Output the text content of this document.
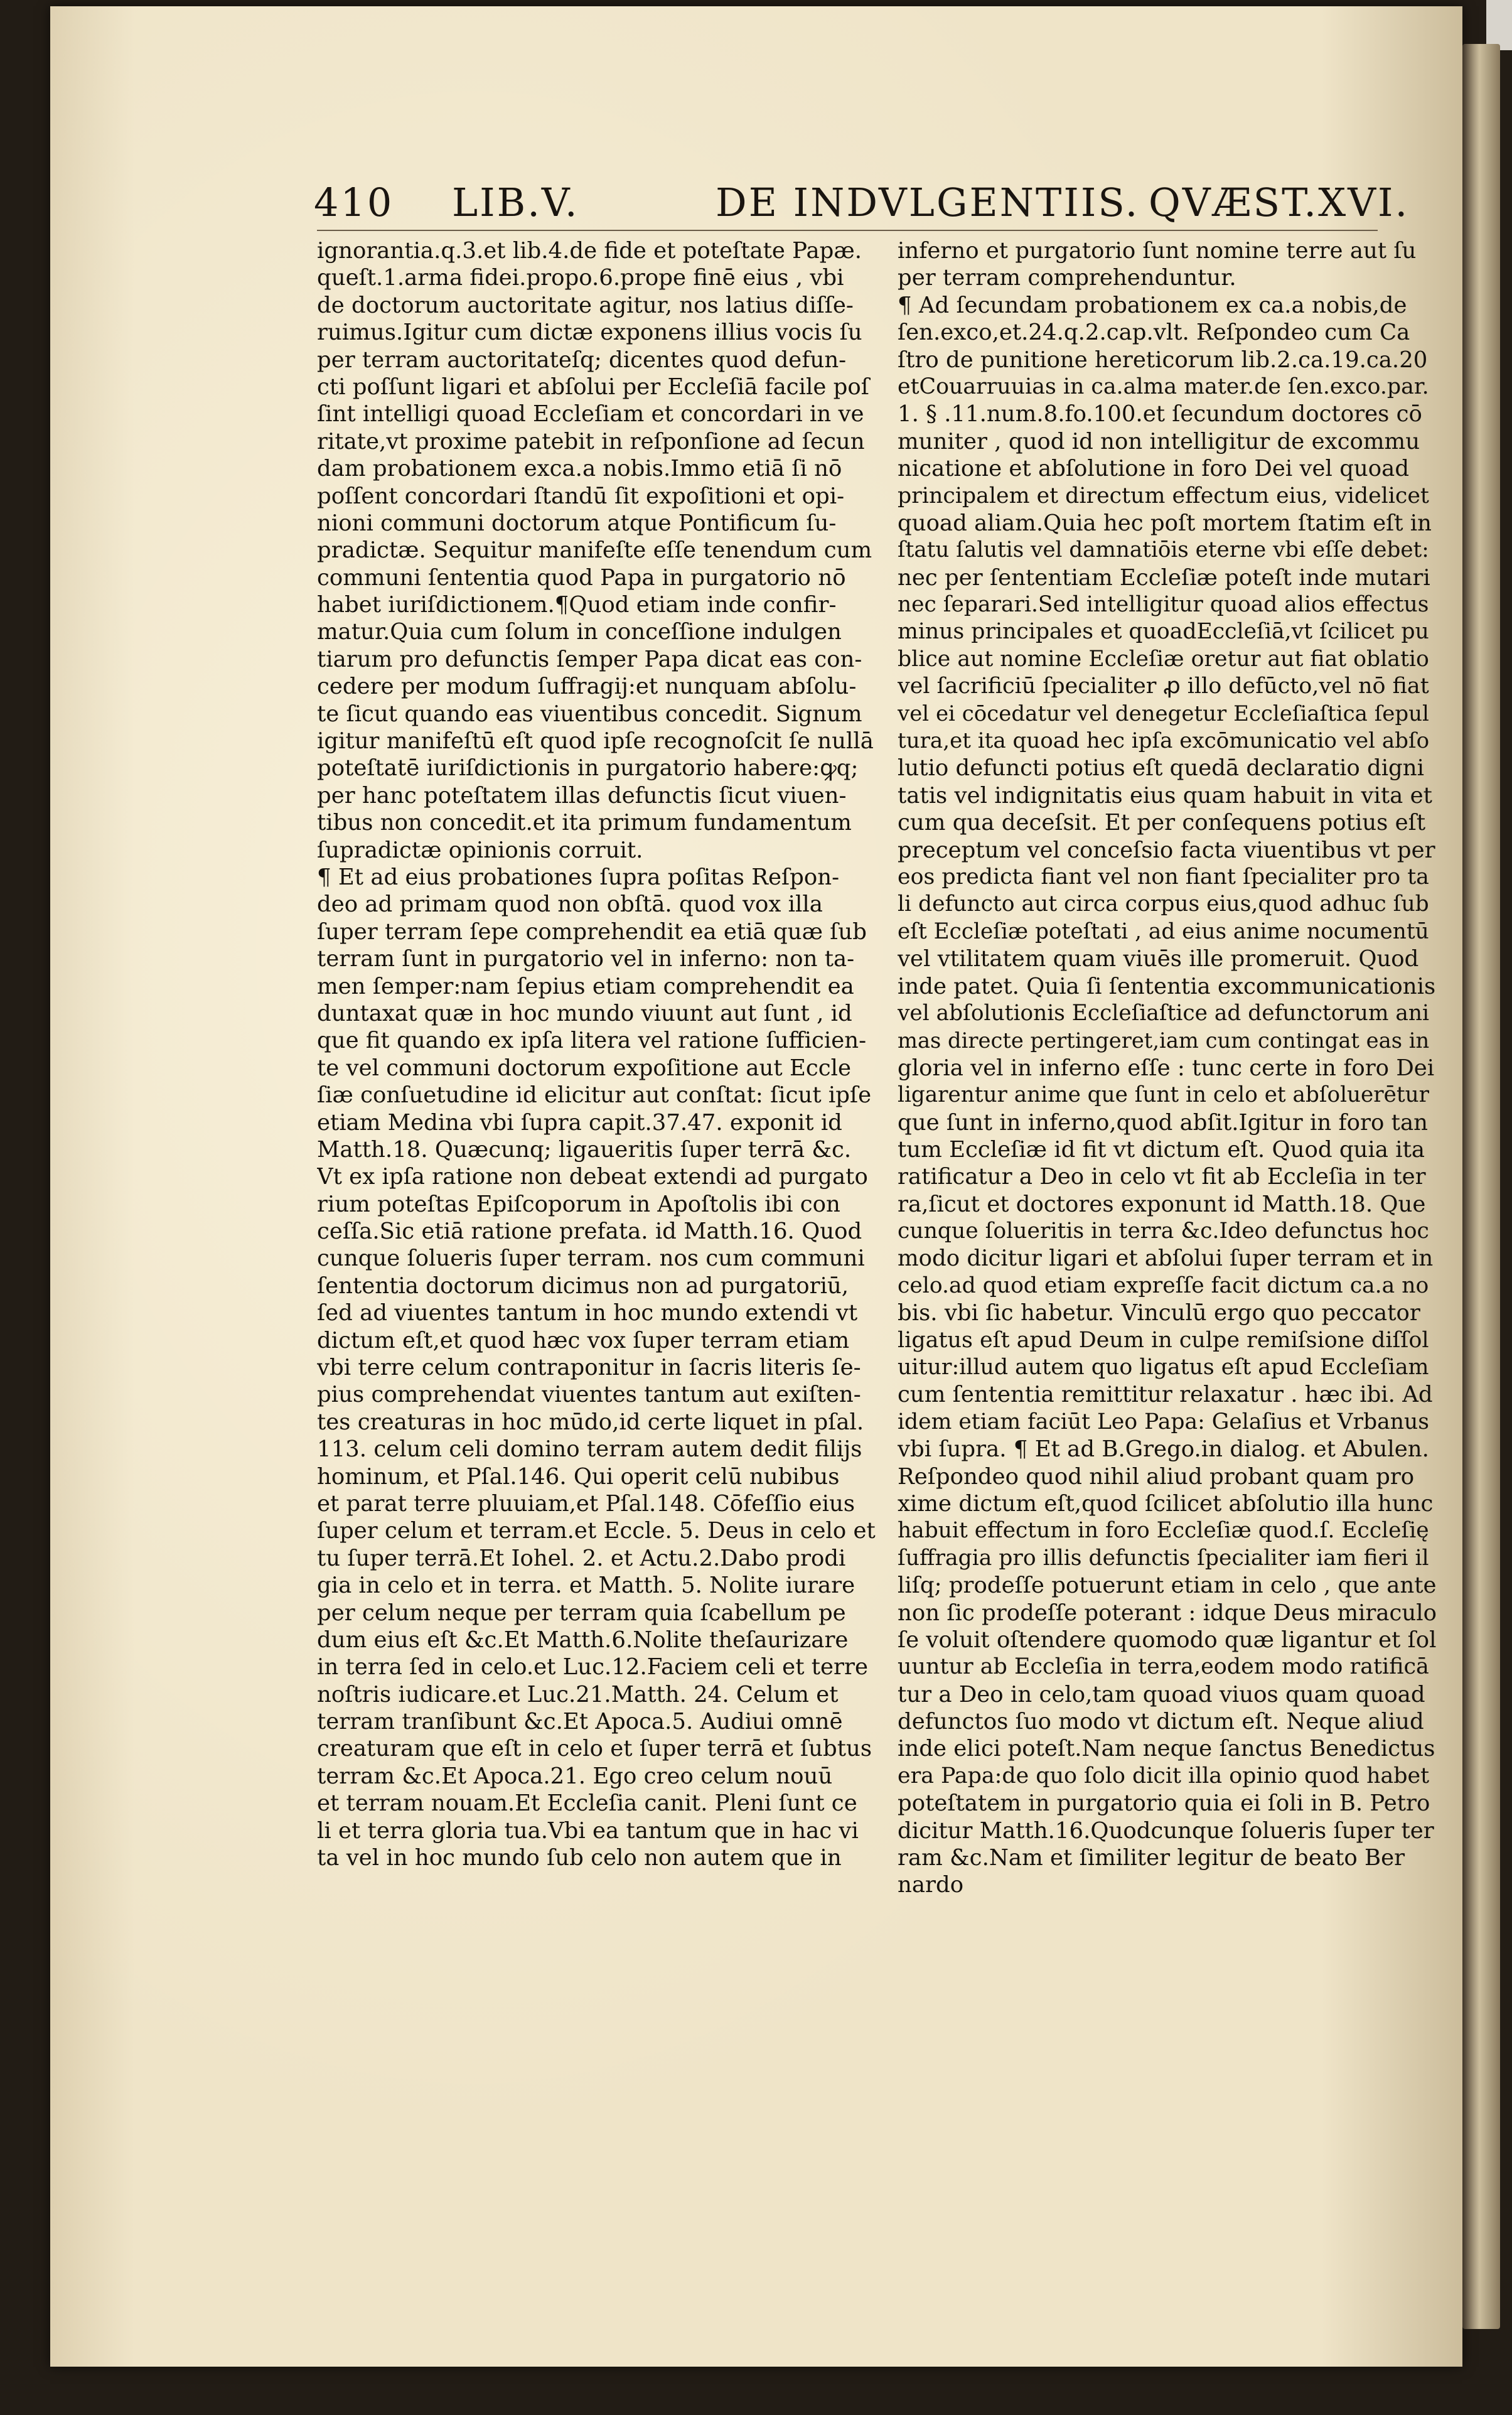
410 LIB.V.	DE INDVLGENTIIS. QVÆST.XVI.
ignorantia.q.3.et lib.4.de fide et poteſtate Papæ.
queſt.1.arma fidei.propo.6.prope finē eius , vbi
de doctorum auctoritate agitur, nos latius diſſe-
ruimus.Igitur cum dictæ exponens illius vocis ſu
per terram auctoritateſq; dicentes quod defun-
cti poſſunt ligari et abſolui per Eccleſiā facile poſ
ſint intelligi quoad Eccleſiam et concordari in ve
ritate,vt proxime patebit in reſponſione ad ſecun
dam probationem exca.a nobis.Immo etiā ſi nō
poſſent concordari ſtandū ſit expoſitioni et opi-
nioni communi doctorum atque Pontificum ſu-
pradictæ. Sequitur manifeſte eſſe tenendum cum
communi ſententia quod Papa in purgatorio nō
habet iuriſdictionem.¶Quod etiam inde confir-
matur.Quia cum ſolum in conceſſione indulgen
tiarum pro defunctis ſemper Papa dicat eas con-
cedere per modum ſuffragij:et nunquam abſolu-
te ſicut quando eas viuentibus concedit. Signum
igitur manifeſtū eſt quod ipſe recognoſcit ſe nullā
poteſtatē iuriſdictionis in purgatorio habere:ꝙq;
per hanc poteſtatem illas defunctis ſicut viuen-
tibus non concedit.et ita primum fundamentum
ſupradictæ opinionis corruit.
¶ Et ad eius probationes ſupra poſitas Reſpon-
deo ad primam quod non obſtā. quod vox illa
ſuper terram ſepe comprehendit ea etiā quæ ſub
terram ſunt in purgatorio vel in inferno: non ta-
men ſemper:nam ſepius etiam comprehendit ea
duntaxat quæ in hoc mundo viuunt aut ſunt , id
que fit quando ex ipſa litera vel ratione ſufficien-
te vel communi doctorum expoſitione aut Eccle
ſiæ conſuetudine id elicitur aut conſtat: ſicut ipſe
etiam Medina vbi ſupra capit.37.47. exponit id
Matth.18. Quæcunq; ligaueritis ſuper terrā &c.
Vt ex ipſa ratione non debeat extendi ad purgato
rium poteſtas Epiſcoporum in Apoſtolis ibi con
ceſſa.Sic etiā ratione prefata. id Matth.16. Quod
cunque ſolueris ſuper terram. nos cum communi
ſententia doctorum dicimus non ad purgatoriū,
ſed ad viuentes tantum in hoc mundo extendi vt
dictum eſt,et quod hæc vox ſuper terram etiam
vbi terre celum contraponitur in ſacris literis ſe-
pius comprehendat viuentes tantum aut exiſten-
tes creaturas in hoc mūdo,id certe liquet in pſal.
113. celum celi domino terram autem dedit filijs
hominum, et Pſal.146. Qui operit celū nubibus
et parat terre pluuiam,et Pſal.148. Cōfeſſio eius
ſuper celum et terram.et Eccle. 5. Deus in celo et
tu ſuper terrā.Et Iohel. 2. et Actu.2.Dabo prodi
gia in celo et in terra. et Matth. 5. Nolite iurare
per celum neque per terram quia ſcabellum pe
dum eius eſt &c.Et Matth.6.Nolite theſaurizare
in terra ſed in celo.et Luc.12.Faciem celi et terre
noſtris iudicare.et Luc.21.Matth. 24. Celum et
terram tranſibunt &c.Et Apoca.5. Audiui omnē
creaturam que eſt in celo et ſuper terrā et ſubtus
terram &c.Et Apoca.21. Ego creo celum nouū
et terram nouam.Et Eccleſia canit. Pleni ſunt ce
li et terra gloria tua.Vbi ea tantum que in hac vi
ta vel in hoc mundo ſub celo non autem que in
inferno et purgatorio ſunt nomine terre aut ſu
per terram comprehenduntur.
¶ Ad ſecundam probationem ex ca.a nobis,de
ſen.exco,et.24.q.2.cap.vlt. Reſpondeo cum Ca
ſtro de punitione hereticorum lib.2.ca.19.ca.20
etCouarruuias in ca.alma mater.de ſen.exco.par.
1. § .11.num.8.fo.100.et ſecundum doctores cō
muniter , quod id non intelligitur de excommu
nicatione et abſolutione in foro Dei vel quoad
principalem et directum effectum eius, videlicet
quoad aliam.Quia hec poſt mortem ſtatim eſt in
ſtatu ſalutis vel damnatiōis eterne vbi eſſe debet:
nec per ſententiam Eccleſiæ poteſt inde mutari
nec ſeparari.Sed intelligitur quoad alios effectus
minus principales et quoadEccleſiā,vt ſcilicet pu
blice aut nomine Eccleſiæ oretur aut fiat oblatio
vel ſacrificiū ſpecialiter ꝓ illo defūcto,vel nō fiat
vel ei cōcedatur vel denegetur Eccleſiaſtica ſepul
tura,et ita quoad hec ipſa excōmunicatio vel abſo
lutio defuncti potius eſt quedā declaratio digni
tatis vel indignitatis eius quam habuit in vita et
cum qua deceſsit. Et per conſequens potius eſt
preceptum vel conceſsio facta viuentibus vt per
eos predicta fiant vel non fiant ſpecialiter pro ta
li defuncto aut circa corpus eius,quod adhuc ſub
eſt Eccleſiæ poteſtati , ad eius anime nocumentū
vel vtilitatem quam viuēs ille promeruit. Quod
inde patet. Quia ſi ſententia excommunicationis
vel abſolutionis Eccleſiaſtice ad defunctorum ani
mas directe pertingeret,iam cum contingat eas in
gloria vel in inferno eſſe : tunc certe in foro Dei
ligarentur anime que ſunt in celo et abſoluerētur
que ſunt in inferno,quod abſit.Igitur in foro tan
tum Eccleſiæ id fit vt dictum eſt. Quod quia ita
ratificatur a Deo in celo vt fit ab Eccleſia in ter
ra,ſicut et doctores exponunt id Matth.18. Que
cunque ſolueritis in terra &c.Ideo defunctus hoc
modo dicitur ligari et abſolui ſuper terram et in
celo.ad quod etiam expreſſe facit dictum ca.a no
bis. vbi ſic habetur. Vinculū ergo quo peccator
ligatus eſt apud Deum in culpe remiſsione diſſol
uitur:illud autem quo ligatus eſt apud Eccleſiam
cum ſententia remittitur relaxatur . hæc ibi. Ad
idem etiam faciūt Leo Papa: Gelaſius et Vrbanus
vbi ſupra. ¶ Et ad B.Grego.in dialog. et Abulen.
Reſpondeo quod nihil aliud probant quam pro
xime dictum eſt,quod ſcilicet abſolutio illa hunc
habuit effectum in foro Eccleſiæ quod.ſ. Eccleſię
ſuffragia pro illis defunctis ſpecialiter iam fieri il
liſq; prodeſſe potuerunt etiam in celo , que ante
non ſic prodeſſe poterant : idque Deus miraculo
ſe voluit oſtendere quomodo quæ ligantur et ſol
uuntur ab Eccleſia in terra,eodem modo ratificā
tur a Deo in celo,tam quoad viuos quam quoad
defunctos ſuo modo vt dictum eſt. Neque aliud
inde elici poteſt.Nam neque ſanctus Benedictus
era Papa:de quo ſolo dicit illa opinio quod habet
poteſtatem in purgatorio quia ei ſoli in B. Petro
dicitur Matth.16.Quodcunque ſolueris ſuper ter
ram &c.Nam et ſimiliter legitur de beato Ber
nardo
